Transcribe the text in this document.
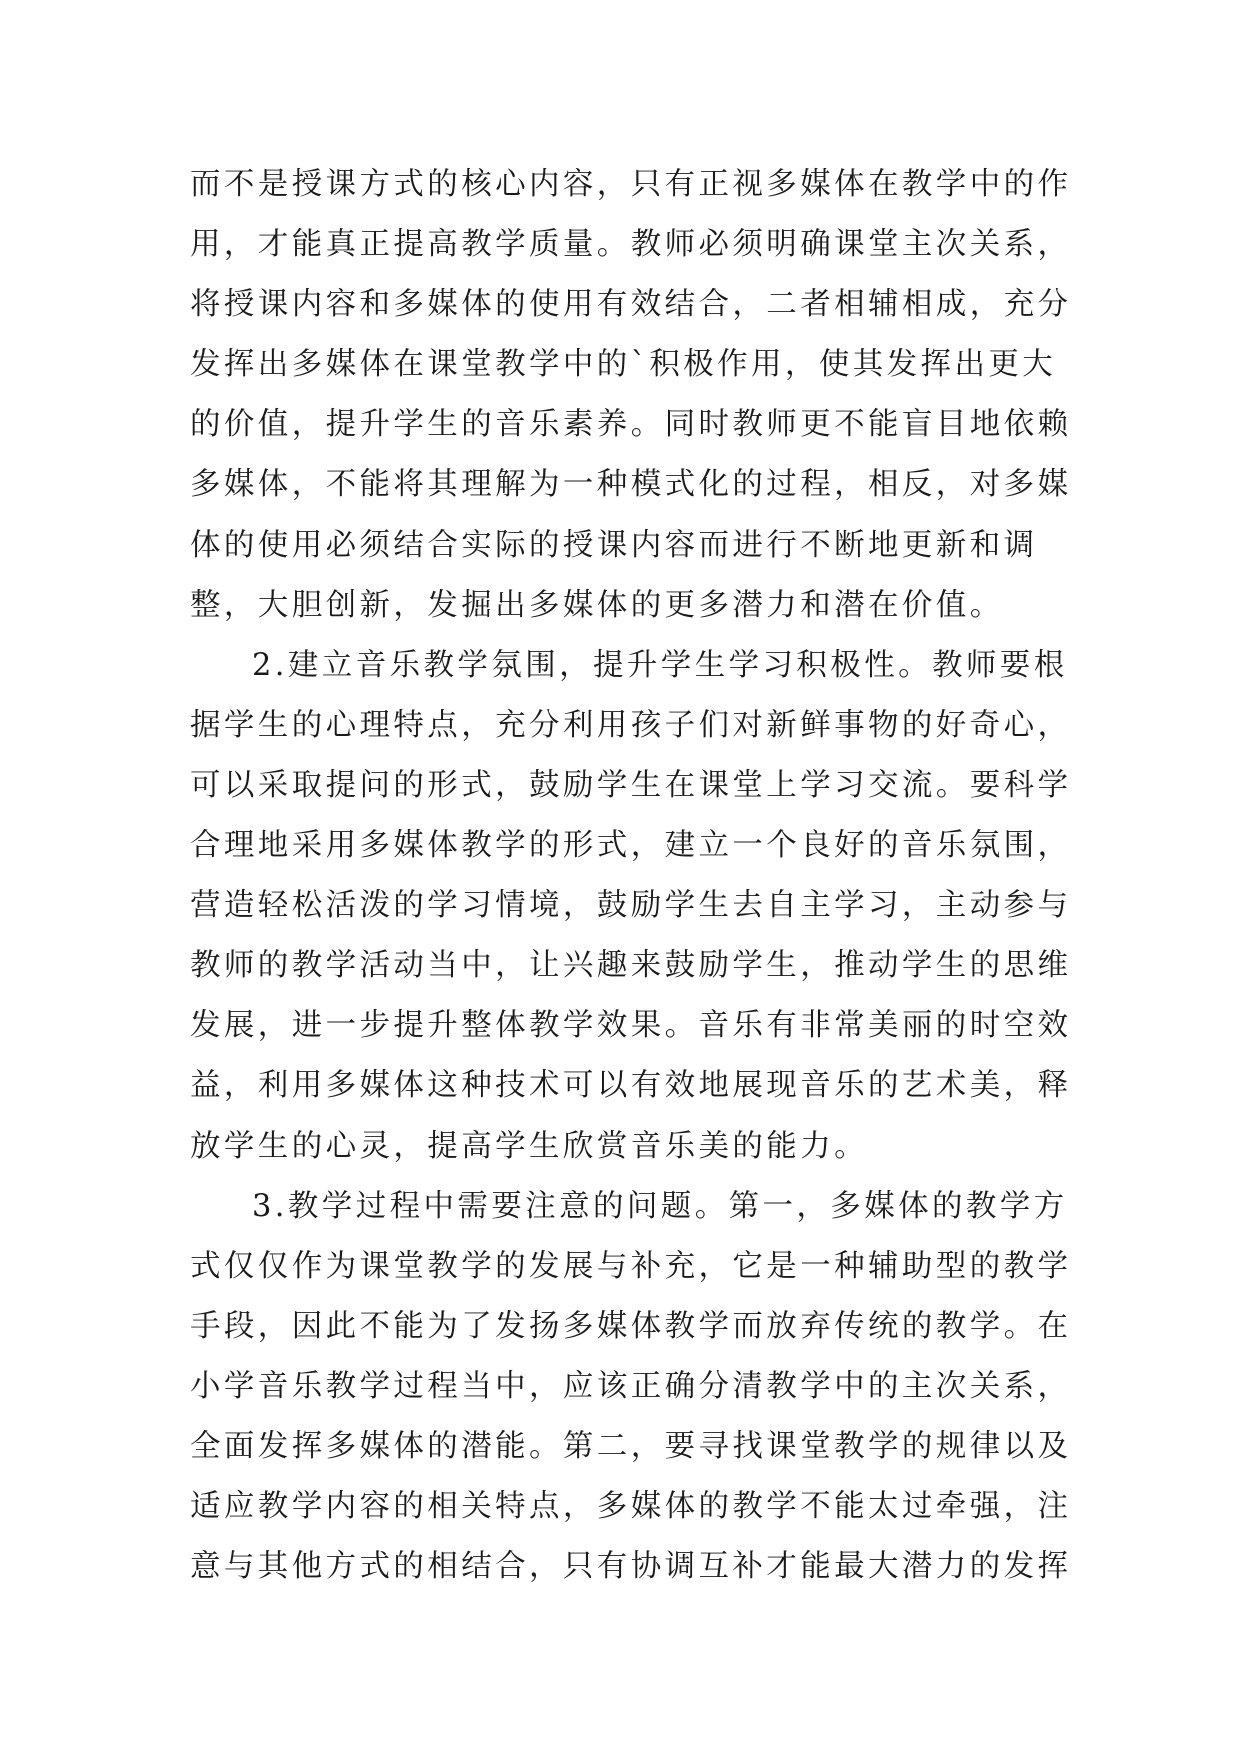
而不是授课方式的核心内容，只有正视多媒体在教学中的作
用，才能真正提高教学质量。教师必须明确课堂主次关系，
将授课内容和多媒体的使用有效结合，二者相辅相成，充分
发挥出多媒体在课堂教学中的`积极作用，使其发挥出更大
的价值，提升学生的音乐素养。同时教师更不能盲目地依赖
多媒体，不能将其理解为一种模式化的过程，相反，对多媒
体的使用必须结合实际的授课内容而进行不断地更新和调
整，大胆创新，发掘出多媒体的更多潜力和潜在价值。
2.建立音乐教学氛围，提升学生学习积极性。教师要根
据学生的心理特点，充分利用孩子们对新鲜事物的好奇心，
可以采取提问的形式，鼓励学生在课堂上学习交流。要科学
合理地采用多媒体教学的形式，建立一个良好的音乐氛围，
营造轻松活泼的学习情境，鼓励学生去自主学习，主动参与
教师的教学活动当中，让兴趣来鼓励学生，推动学生的思维
发展，进一步提升整体教学效果。音乐有非常美丽的时空效
益，利用多媒体这种技术可以有效地展现音乐的艺术美，释
放学生的心灵，提高学生欣赏音乐美的能力。
3.教学过程中需要注意的问题。第一，多媒体的教学方
式仅仅作为课堂教学的发展与补充，它是一种辅助型的教学
手段，因此不能为了发扬多媒体教学而放弃传统的教学。在
小学音乐教学过程当中，应该正确分清教学中的主次关系，
全面发挥多媒体的潜能。第二，要寻找课堂教学的规律以及
适应教学内容的相关特点，多媒体的教学不能太过牵强，注
意与其他方式的相结合，只有协调互补才能最大潜力的发挥
